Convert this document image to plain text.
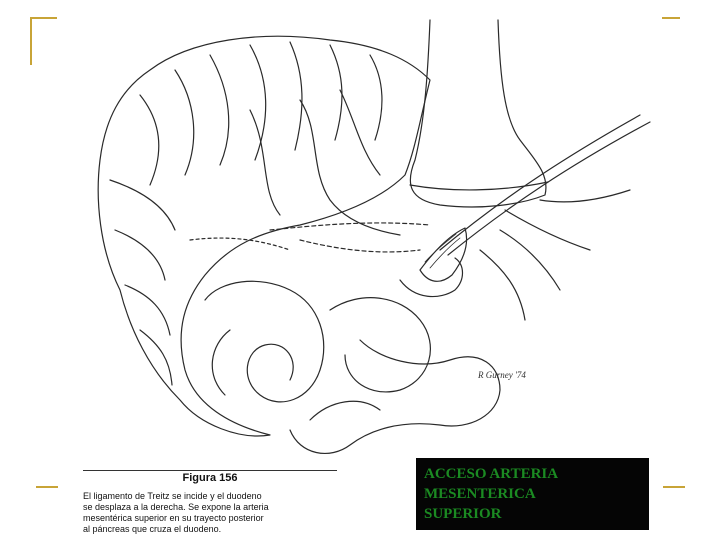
R Gurney '74
Figura 156
El ligamento de Treitz se incide y el duodeno
se desplaza a la derecha. Se expone la arteria
mesentérica superior en su trayecto posterior
al páncreas que cruza el duodeno.
ACCESO ARTERIA
MESENTERICA
SUPERIOR
